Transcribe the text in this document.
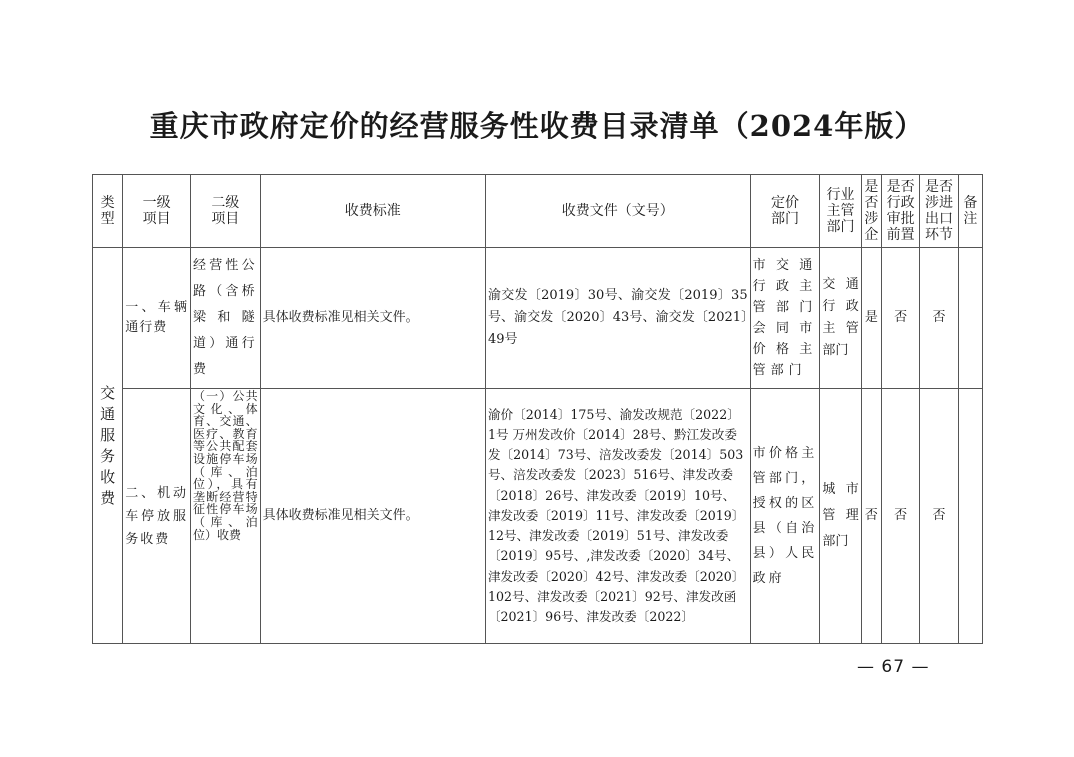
重庆市政府定价的经营服务性收费目录清单（2024年版）
类型	一级项目	二级项目	收费标准	收费文件（文号）	定价部门	行业主管部门	是否涉企	是否行政审批前置	是否涉进出口环节	备注

交通服务收费	一、车辆通行费	经营性公路（含桥梁和隧道）通行费	具体收费标准见相关文件。	渝交发〔2019〕30号、渝交发〔2019〕35号、渝交发〔2020〕43号、渝交发〔2021〕49号	市交通行政主管部门会同市价格主管部门	交通行政主管部门	是	否	否	
	二、机动车停放服务收费	（一）公共文化、体育、交通、医疗、教育等公共配套设施停车场（库、泊位），具有垄断经营特征性停车场（库、泊位）收费	具体收费标准见相关文件。	渝价〔2014〕175号、渝发改规范〔2022〕1号 万州发改价〔2014〕28号、黔江发改委发〔2014〕73号、涪发改委发〔2014〕503号、涪发改委发〔2023〕516号、津发改委〔2018〕26号、津发改委〔2019〕10号、津发改委〔2019〕11号、津发改委〔2019〕12号、津发改委〔2019〕51号、津发改委〔2019〕95号、,津发改委〔2020〕34号、津发改委〔2020〕42号、津发改委〔2020〕102号、津发改委〔2021〕92号、津发改函〔2021〕96号、津发改委〔2022〕	市价格主管部门，授权的区县（自治县）人民政府	城市管理部门	否	否	否	
— 67 —
